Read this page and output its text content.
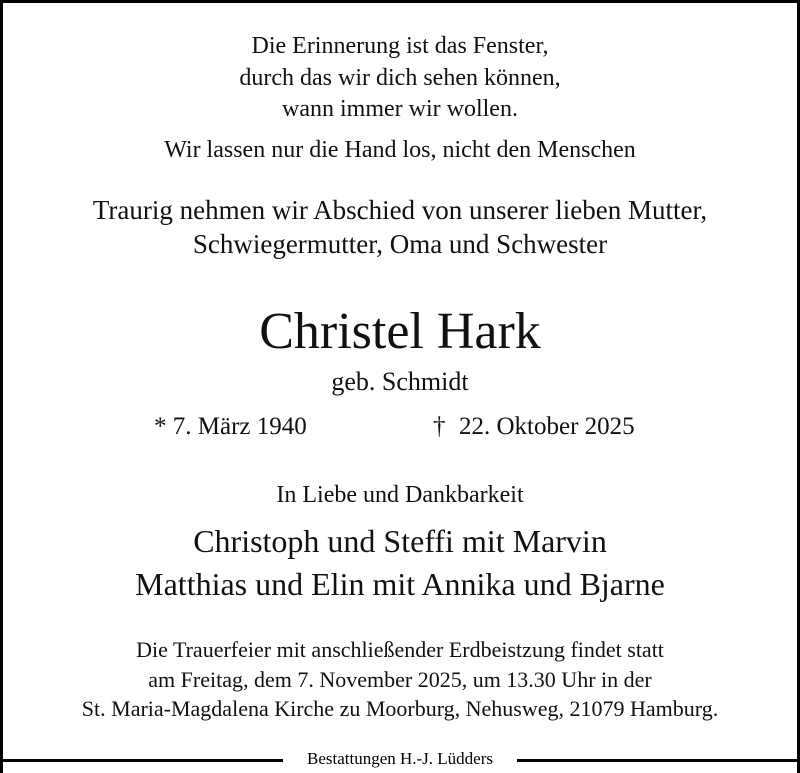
Die Erinnerung ist das Fenster,
durch das wir dich sehen können,
wann immer wir wollen.
Wir lassen nur die Hand los, nicht den Menschen
Traurig nehmen wir Abschied von unserer lieben Mutter,
Schwiegermutter, Oma und Schwester
Christel Hark
geb. Schmidt
* 7. März 1940	† 22. Oktober 2025
In Liebe und Dankbarkeit
Christoph und Steffi mit Marvin
Matthias und Elin mit Annika und Bjarne
Die Trauerfeier mit anschließender Erdbeistzung findet statt
am Freitag, dem 7. November 2025, um 13.30 Uhr in der
St. Maria-Magdalena Kirche zu Moorburg, Nehusweg, 21079 Hamburg.
Bestattungen H.-J. Lüdders
